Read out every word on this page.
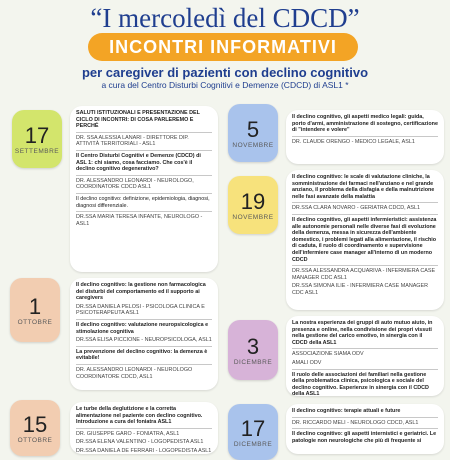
“I mercoledì del CDCD”
INCONTRI INFORMATIVI
per caregiver di pazienti con declino cognitivo
a cura del Centro Disturbi Cognitivi e Demenze (CDCD) di ASL1 *
17
SETTEMBRE

SALUTI ISTITUZIONALI E PRESENTAZIONE DEL CICLO DI INCONTRI: DI COSA PARLEREMO E PERCHÉ

DR. SSA ALESSIA LANARI - DIRETTORE DIP. ATTIVITÀ TERRITORIALI - ASL1

Il Centro Disturbi Cognitivi e Demenze (CDCD) di ASL 1: chi siamo, cosa facciamo. Che cos'è il declino cognitivo degenerativo?

DR. ALESSANDRO LEONARDI - NEUROLOGO, COORDINATORE CDCD ASL1

Il declino cognitivo: definizione, epidemiologia, diagnosi, diagnosi differenziale.

DR.SSA MARIA TERESA INFANTE, NEUROLOGO - ASL1

5
NOVEMBRE

Il declino cognitivo, gli aspetti medico legali: guida, porto d'armi, amministrazione di sostegno, certificazione di "intendere e volere"

DR. CLAUDE ORENGO - MEDICO LEGALE, ASL1

19
NOVEMBRE

Il declino cognitivo: le scale di valutazione cliniche, la somministrazione dei farmaci nell'anziano e nel grande anziano, il problema della disfagia e della malnutrizione nelle fasi avanzate della malattia

DR.SSA CLARA NOVARO - GERIATRA CDCD, ASL1

Il declino cognitivo, gli aspetti infermieristici: assistenza alle autonomie personali nelle diverse fasi di evoluzione della demenza, messa in sicurezza dell'ambiente domestico, i problemi legati alla alimentazione, il rischio di caduta, il ruolo di coordinamento e supervisione dell'infermiere case manager all'interno di un moderno CDCD

DR.SSA ALESSANDRA ACQUARIVA - INFERMIERA CASE MANAGER CDC ASL1

DR.SSA SIMONA ILIE - INFERMIERA CASE MANAGER CDC ASL1

1
OTTOBRE

Il declino cognitivo: la gestione non farmacologica dei disturbi del comportamento ed il supporto ai caregivers

DR.SSA DANIELA PELOSI - PSICOLOGA CLINICA E PSICOTERAPEUTA ASL1

Il declino cognitivo: valutazione neuropsicologica e stimolazione cognitiva

DR.SSA ELISA PICCIONE - NEUROPSICOLOGA, ASL1

La prevenzione del declino cognitivo: la demenza è evitabile!

DR. ALESSANDRO LEONARDI - NEUROLOGO COORDINATORE CDCD, ASL1

3
DICEMBRE

La nostra esperienza dei gruppi di auto mutuo aiuto, in presenza e online, nella condivisione dei propri vissuti nella gestione del carico emotivo, in sinergia con il CDCD della ASL1

ASSOCIAZIONE SIAMA ODV

AMALI ODV

Il ruolo delle associazioni dei familiari nella gestione della problematica clinica, psicologica e sociale del declino cognitivo. Esperienze in sinergia con il CDCD della ASL1

15
OTTOBRE

Le turbe della deglutizione e la corretta alimentazione nel paziente con declino cognitivo. Introduzione a cura del foniatra ASL1

DR. GIUSEPPE GARO - FONIATRA, ASL1

DR.SSA ELENA VALENTINO - LOGOPEDISTA ASL1

DR.SSA DANIELA DE FERRARI - LOGOPEDISTA ASL1

17
DICEMBRE

Il declino cognitivo: terapie attuali e future

DR. RICCARDO MELI - NEUROLOGO CDCD, ASL1

Il declino cognitivo: gli aspetti internistici e geriatrici. Le patologie non neurologiche che più di frequente si
